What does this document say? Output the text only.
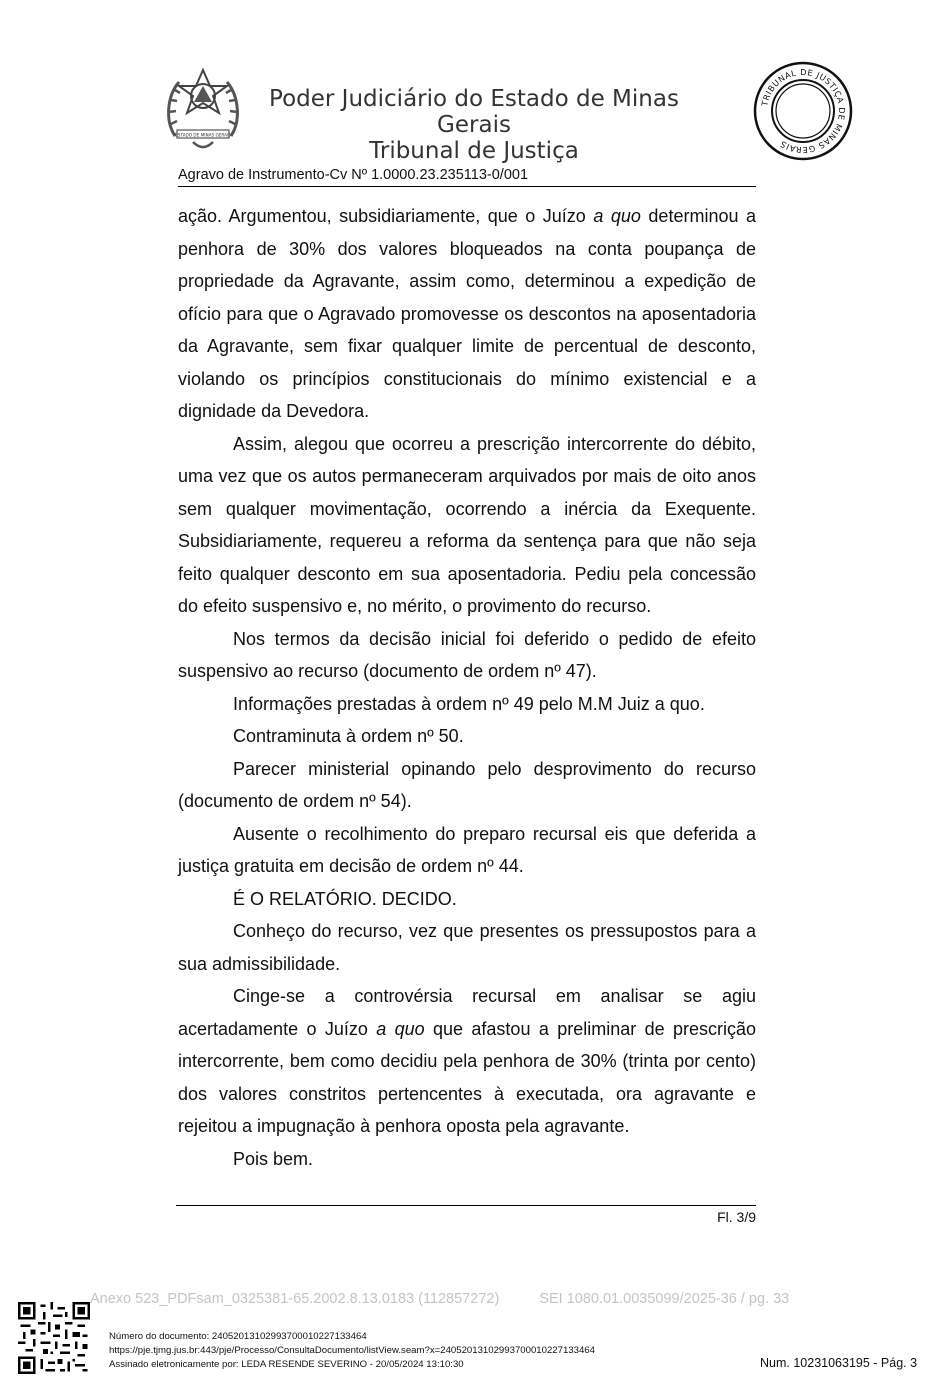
ESTADO DE MINAS GERAIS
Poder Judiciário do Estado de Minas Gerais
Tribunal de Justiça
TRIBUNAL DE JUSTIÇA DE MINAS GERAIS
Agravo de Instrumento-Cv Nº 1.0000.23.235113-0/001

ação. Argumentou, subsidiariamente, que o Juízo a quo determinou a penhora de 30% dos valores bloqueados na conta poupança de propriedade da Agravante, assim como, determinou a expedição de ofício para que o Agravado promovesse os descontos na aposentadoria da Agravante, sem fixar qualquer limite de percentual de desconto, violando os princípios constitucionais do mínimo existencial e a dignidade da Devedora.

Assim, alegou que ocorreu a prescrição intercorrente do débito, uma vez que os autos permaneceram arquivados por mais de oito anos sem qualquer movimentação, ocorrendo a inércia da Exequente. Subsidiariamente, requereu a reforma da sentença para que não seja feito qualquer desconto em sua aposentadoria. Pediu pela concessão do efeito suspensivo e, no mérito, o provimento do recurso.

Nos termos da decisão inicial foi deferido o pedido de efeito suspensivo ao recurso (documento de ordem nº 47).

Informações prestadas à ordem nº 49 pelo M.M Juiz a quo.

Contraminuta à ordem nº 50.

Parecer ministerial opinando pelo desprovimento do recurso (documento de ordem nº 54).

Ausente o recolhimento do preparo recursal eis que deferida a justiça gratuita em decisão de ordem nº 44.

É O RELATÓRIO. DECIDO.

Conheço do recurso, vez que presentes os pressupostos para a sua admissibilidade.

Cinge-se a controvérsia recursal em analisar se agiu acertadamente o Juízo a quo que afastou a preliminar de prescrição intercorrente, bem como decidiu pela penhora de 30% (trinta por cento) dos valores constritos pertencentes à executada, ora agravante e rejeitou a impugnação à penhora oposta pela agravante.

Pois bem.

Fl. 3/9
Anexo 523_PDFsam_0325381-65.2002.8.13.0183 (112857272)	SEI 1080.01.0035099/2025-36 / pg. 33
Número do documento: 24052013102993700010227133464
https://pje.tjmg.jus.br:443/pje/Processo/ConsultaDocumento/listView.seam?x=24052013102993700010227133464
Assinado eletronicamente por: LEDA RESENDE SEVERINO - 20/05/2024 13:10:30	Num. 10231063195 - Pág. 3
